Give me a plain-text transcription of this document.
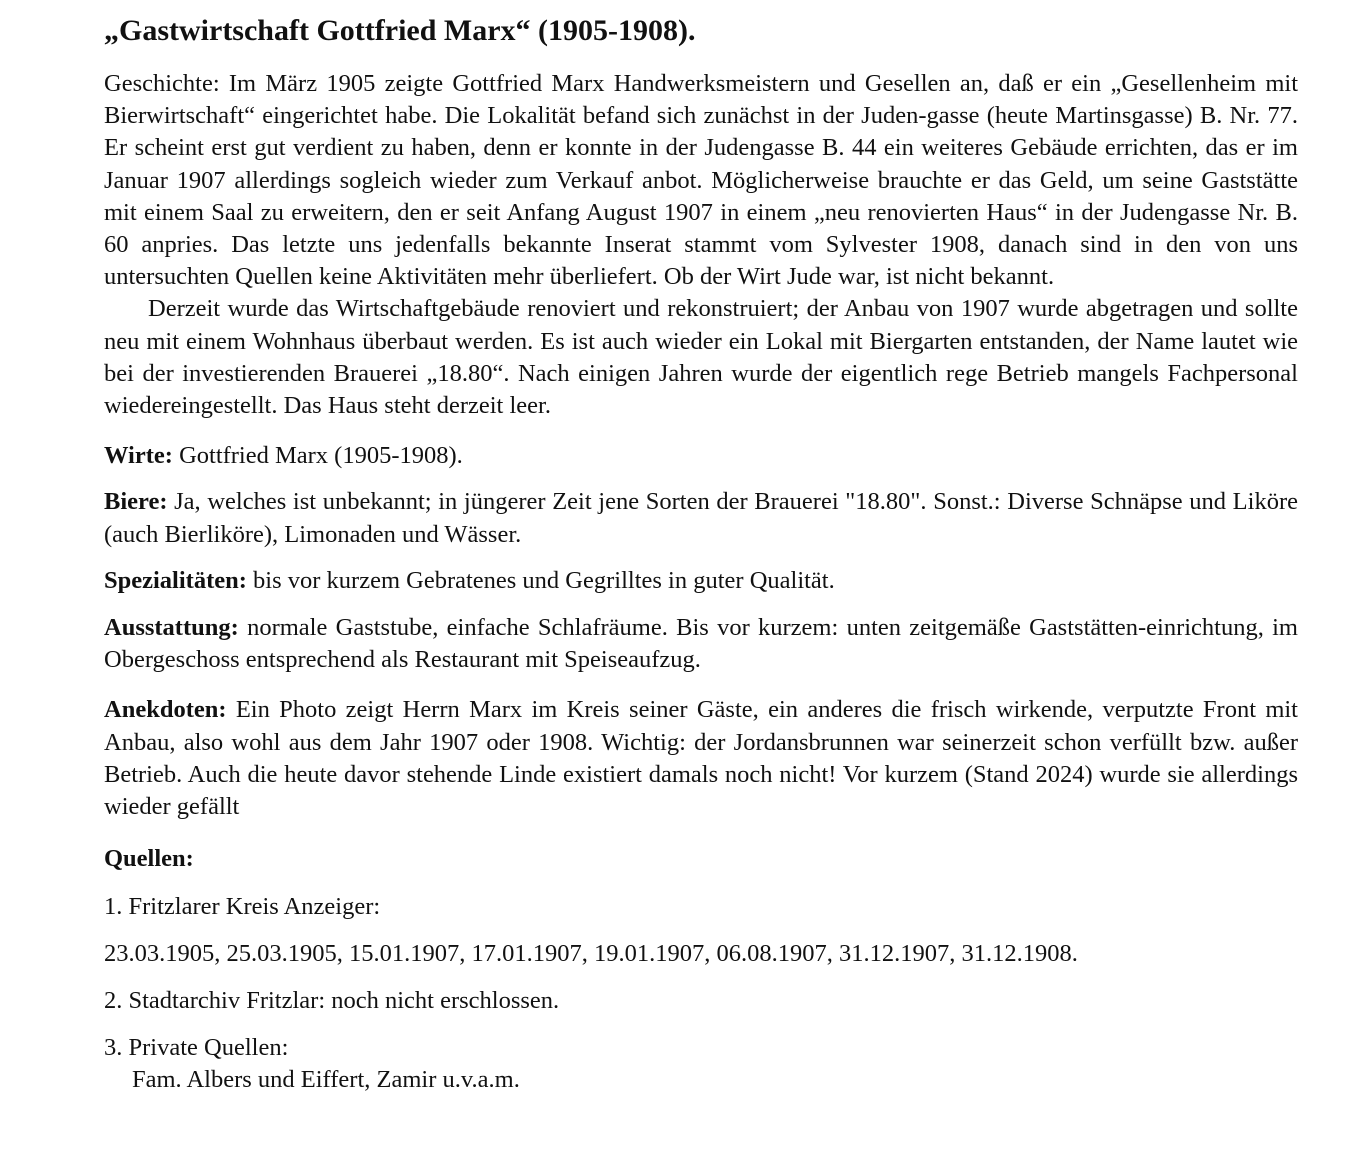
„Gastwirtschaft Gottfried Marx“ (1905-1908).

Geschichte: Im März 1905 zeigte Gottfried Marx Handwerksmeistern und Gesellen an, daß er ein „Gesellenheim mit Bierwirtschaft“ eingerichtet habe. Die Lokalität befand sich zunächst in der Juden-gasse (heute Martinsgasse) B. Nr. 77. Er scheint erst gut verdient zu haben, denn er konnte in der Judengasse B. 44 ein weiteres Gebäude errichten, das er im Januar 1907 allerdings sogleich wieder zum Verkauf anbot. Möglicherweise brauchte er das Geld, um seine Gaststätte mit einem Saal zu erweitern, den er seit Anfang August 1907 in einem „neu renovierten Haus“ in der Judengasse Nr. B. 60 anpries. Das letzte uns jedenfalls bekannte Inserat stammt vom Sylvester 1908, danach sind in den von uns untersuchten Quellen keine Aktivitäten mehr überliefert. Ob der Wirt Jude war, ist nicht bekannt.

Derzeit wurde das Wirtschaftgebäude renoviert und rekonstruiert; der Anbau von 1907 wurde abgetragen und sollte neu mit einem Wohnhaus überbaut werden. Es ist auch wieder ein Lokal mit Biergarten entstanden, der Name lautet wie bei der investierenden Brauerei „18.80“. Nach einigen Jahren wurde der eigentlich rege Betrieb mangels Fachpersonal wiedereingestellt. Das Haus steht derzeit leer.

Wirte: Gottfried Marx (1905-1908).

Biere: Ja, welches ist unbekannt; in jüngerer Zeit jene Sorten der Brauerei "18.80". Sonst.: Diverse Schnäpse und Liköre (auch Bierliköre), Limonaden und Wässer.

Spezialitäten: bis vor kurzem Gebratenes und Gegrilltes in guter Qualität.

Ausstattung: normale Gaststube, einfache Schlafräume. Bis vor kurzem: unten zeitgemäße Gaststätten-einrichtung, im Obergeschoss entsprechend als Restaurant mit Speiseaufzug.

Anekdoten: Ein Photo zeigt Herrn Marx im Kreis seiner Gäste, ein anderes die frisch wirkende, verputzte Front mit Anbau, also wohl aus dem Jahr 1907 oder 1908. Wichtig: der Jordansbrunnen war seinerzeit schon verfüllt bzw. außer Betrieb. Auch die heute davor stehende Linde existiert damals noch nicht! Vor kurzem (Stand 2024) wurde sie allerdings wieder gefällt

Quellen:

1. Fritzlarer Kreis Anzeiger:

23.03.1905, 25.03.1905, 15.01.1907, 17.01.1907, 19.01.1907, 06.08.1907, 31.12.1907, 31.12.1908.

2. Stadtarchiv Fritzlar: noch nicht erschlossen.

3. Private Quellen:

Fam. Albers und Eiffert, Zamir u.v.a.m.
